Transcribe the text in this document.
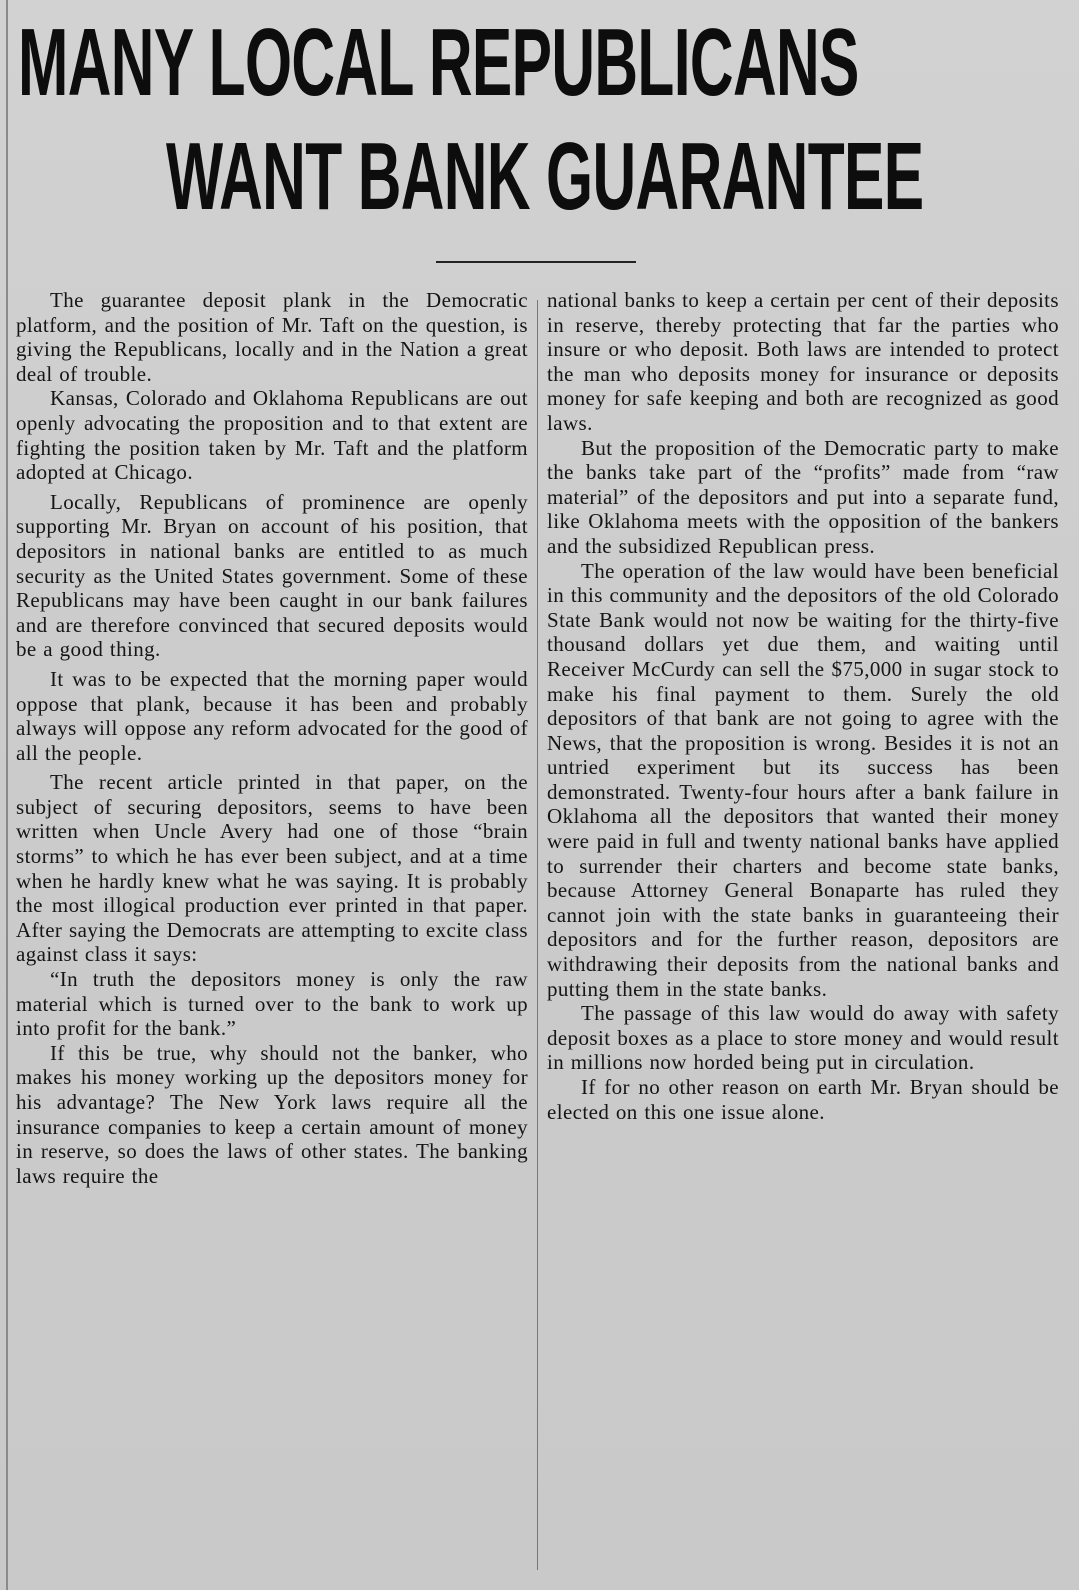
MANY LOCAL REPUBLICANS
WANT BANK GUARANTEE

The guarantee deposit plank in the Democratic platform, and the position of Mr. Taft on the question, is giving the Republicans, locally and in the Nation a great deal of trouble.

Kansas, Colorado and Oklahoma Republicans are out openly advocating the proposition and to that extent are fighting the position taken by Mr. Taft and the platform adopted at Chicago.

Locally, Republicans of prominence are openly supporting Mr. Bryan on account of his position, that depositors in national banks are entitled to as much security as the United States government. Some of these Republicans may have been caught in our bank failures and are therefore convinced that secured deposits would be a good thing.

It was to be expected that the morning paper would oppose that plank, because it has been and probably always will oppose any reform advocated for the good of all the people.

The recent article printed in that paper, on the subject of securing depositors, seems to have been written when Uncle Avery had one of those “brain storms” to which he has ever been subject, and at a time when he hardly knew what he was saying. It is probably the most illogical production ever printed in that paper. After saying the Democrats are attempting to excite class against class it says:

“In truth the depositors money is only the raw material which is turned over to the bank to work up into profit for the bank.”

If this be true, why should not the banker, who makes his money working up the depositors money for his advantage? The New York laws require all the insurance companies to keep a certain amount of money in reserve, so does the laws of other states. The banking laws require the

national banks to keep a certain per cent of their deposits in reserve, thereby protecting that far the parties who insure or who deposit. Both laws are intended to protect the man who deposits money for insurance or deposits money for safe keeping and both are recognized as good laws.

But the proposition of the Democratic party to make the banks take part of the “profits” made from “raw material” of the depositors and put into a separate fund, like Oklahoma meets with the opposition of the bankers and the subsidized Republican press.

The operation of the law would have been beneficial in this community and the depositors of the old Colorado State Bank would not now be waiting for the thirty-five thousand dollars yet due them, and waiting until Receiver McCurdy can sell the $75,000 in sugar stock to make his final payment to them. Surely the old depositors of that bank are not going to agree with the News, that the proposition is wrong. Besides it is not an untried experiment but its success has been demonstrated. Twenty-four hours after a bank failure in Oklahoma all the depositors that wanted their money were paid in full and twenty national banks have applied to surrender their charters and become state banks, because Attorney General Bonaparte has ruled they cannot join with the state banks in guaranteeing their depositors and for the further reason, depositors are withdrawing their deposits from the national banks and putting them in the state banks.

The passage of this law would do away with safety deposit boxes as a place to store money and would result in millions now horded being put in circulation.

If for no other reason on earth Mr. Bryan should be elected on this one issue alone.
